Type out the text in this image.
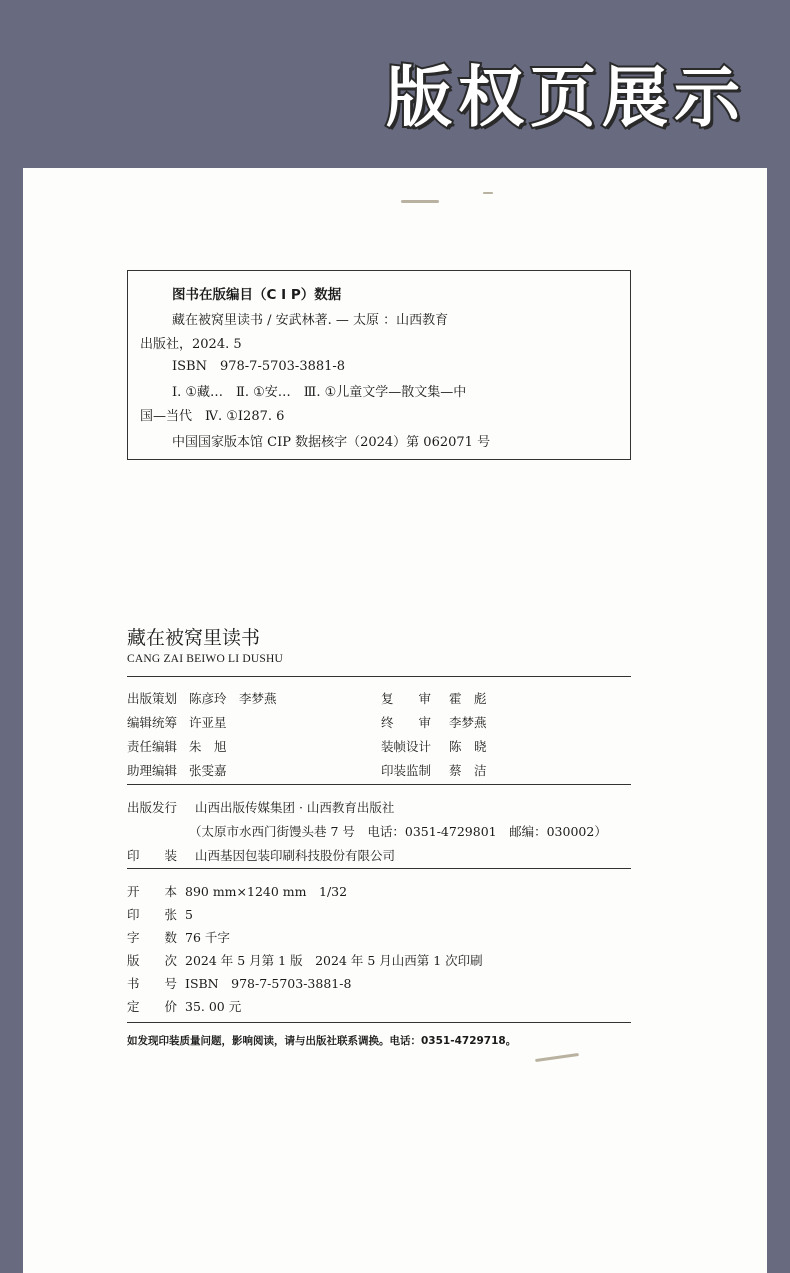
版权页展示
图书在版编目（C I P）数据
藏在被窝里读书 / 安武林著. — 太原 ：山西教育
出版社，2024. 5
ISBN　978-7-5703-3881-8
Ⅰ. ①藏…　Ⅱ. ①安…　Ⅲ. ①儿童文学—散文集—中
国—当代　Ⅳ. ①I287. 6
中国国家版本馆 CIP 数据核字（2024）第 062071 号
藏在被窝里读书
CANG ZAI BEIWO LI DUSHU
出版策划 陈彦玲　李梦燕
编辑统筹 许亚星
责任编辑 朱　旭
助理编辑 张雯嘉
复　　审 霍　彪
终　　审 李梦燕
装帧设计 陈　晓
印装监制 蔡　洁
出版发行 山西出版传媒集团 · 山西教育出版社
（太原市水西门街馒头巷 7 号　电话：0351-4729801　邮编：030002）
印　　装 山西基因包装印刷科技股份有限公司
开 本 890 mm×1240 mm　1/32
印 张 5
字 数 76 千字
版 次 2024 年 5 月第 1 版　2024 年 5 月山西第 1 次印刷
书 号 ISBN　978-7-5703-3881-8
定 价 35. 00 元
如发现印装质量问题，影响阅读，请与出版社联系调换。电话：0351-4729718。
